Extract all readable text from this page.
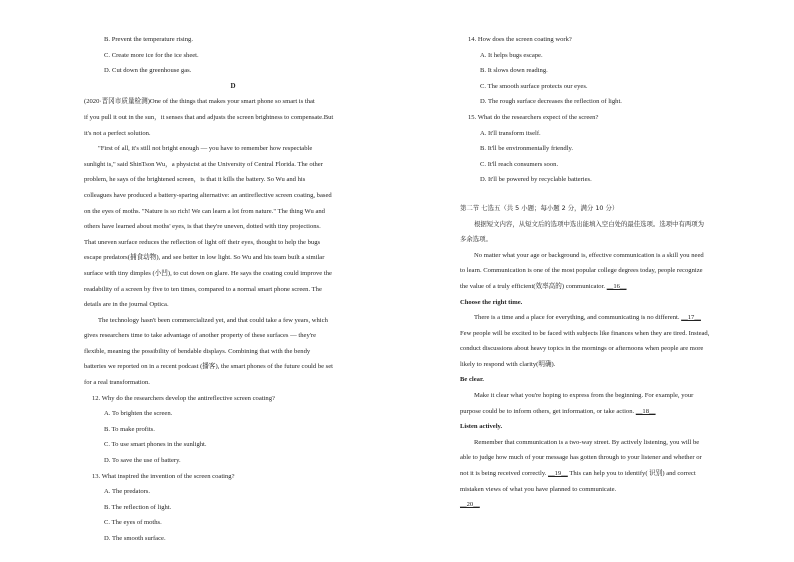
B. Prevent the temperature rising.
C. Create more ice for the ice sheet.
D. Cut down the greenhouse gas.
D
(2020·晋冈市质量检测)One of the things that makes your smart phone so smart is that
if you pull it out in the sun，it senses that and adjusts the screen brightness to compensate.But
it's not a perfect solution.
"First of all, it's still not bright enough — you have to remember how respectable
sunlight is," said ShinTson Wu，a physicist at the University of Central Florida. The other
problem, he says of the brightened screen，is that it kills the battery. So Wu and his
colleagues have produced a battery-sparing alternative: an antireflective screen coating, based
on the eyes of moths. "Nature is so rich! We can learn a lot from nature." The thing Wu and
others have learned about moths' eyes, is that they're uneven, dotted with tiny projections.
That uneven surface reduces the reflection of light off their eyes, thought to help the bugs
escape predators(捕食动物), and see better in low light. So Wu and his team built a similar
surface with tiny dimples (小凹), to cut down on glare. He says the coating could improve the
readability of a screen by five to ten times, compared to a normal smart phone screen. The
details are in the journal Optica.
The technology hasn't been commercialized yet, and that could take a few years, which
gives researchers time to take advantage of another property of these surfaces — they're
flexible, meaning the possibility of bendable displays. Combining that with the bendy
batteries we reported on in a recent podcast (播客), the smart phones of the future could be set
for a real transformation.
12. Why do the researchers develop the antireflective screen coating?
A. To brighten the screen.
B. To make profits.
C. To use smart phones in the sunlight.
D. To save the use of battery.
13. What inspired the invention of the screen coating?
A. The predators.
B. The reflection of light.
C. The eyes of moths.
D. The smooth surface.
14. How does the screen coating work?
A. It helps bugs escape.
B. It slows down reading.
C. The smooth surface protects our eyes.
D. The rough surface decreases the reflection of light.
15. What do the researchers expect of the screen?
A. It'll transform itself.
B. It'll be environmentally friendly.
C. It'll reach consumers soon.
D. It'll be powered by recyclable batteries.
第二节 七选五（共 5 小题；每小题 2 分，满分 10 分）
根据短文内容，从短文后的选项中选出能填入空白处的最佳选项。选项中有两项为
多余选项。
No matter what your age or background is, effective communication is a skill you need
to learn. Communication is one of the most popular college degrees today, people recognize
the value of a truly efficient(效率高的) communicator. __16__
Choose the right time.
There is a time and a place for everything, and communicating is no different. __17__
Few people will be excited to be faced with subjects like finances when they are tired. Instead,
conduct discussions about heavy topics in the mornings or afternoons when people are more
likely to respond with clarity(明确).
Be clear.
Make it clear what you're hoping to express from the beginning. For example, your
purpose could be to inform others, get information, or take action. __18__
Listen actively.
Remember that communication is a two-way street. By actively listening, you will be
able to judge how much of your message has gotten through to your listener and whether or
not it is being received correctly. __19__ This can help you to identify( 识别) and correct
mistaken views of what you have planned to communicate.
__20__
